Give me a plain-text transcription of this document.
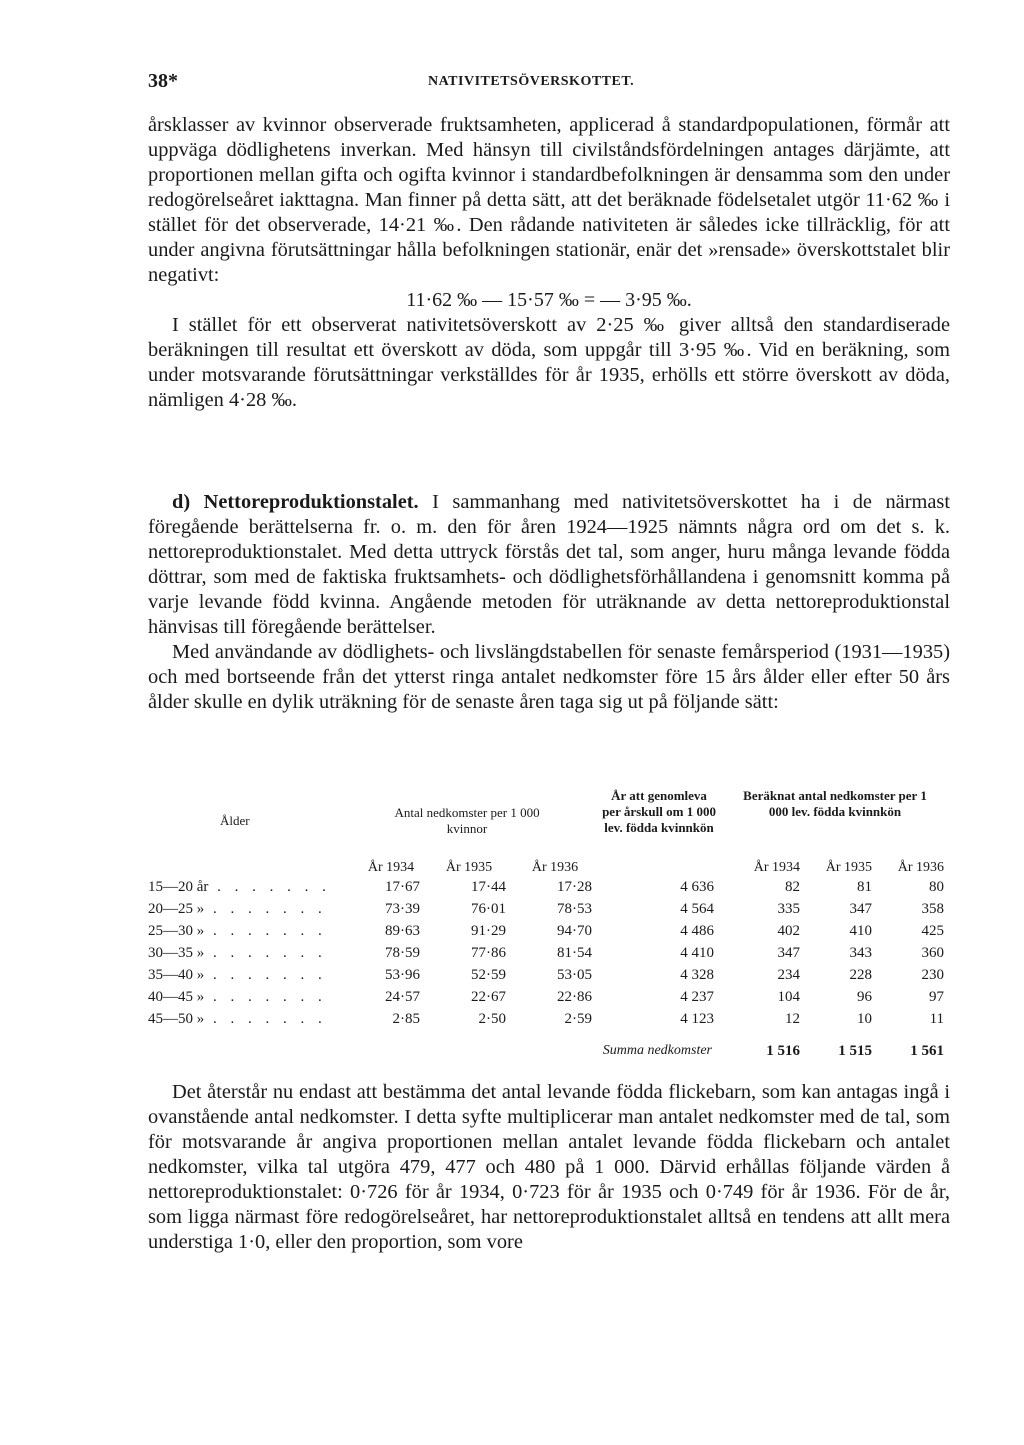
38*	NATIVITETSÖVERSKOTTET.

årsklasser av kvinnor observerade fruktsamheten, applicerad å standardpopulationen, förmår att uppväga dödlighetens inverkan. Med hänsyn till civilståndsfördelningen antages därjämte, att proportionen mellan gifta och ogifta kvinnor i standardbefolkningen är densamma som den under redogörelseåret iakttagna. Man finner på detta sätt, att det beräknade födelsetalet utgör 11·62 ‰ i stället för det observerade, 14·21 ‰. Den rådande nativiteten är således icke tillräcklig, för att under angivna förutsättningar hålla befolkningen stationär, enär det »rensade» överskottstalet blir negativt:

11·62 ‰ — 15·57 ‰ = — 3·95 ‰.

I stället för ett observerat nativitetsöverskott av 2·25 ‰ giver alltså den standardiserade beräkningen till resultat ett överskott av döda, som uppgår till 3·95 ‰. Vid en beräkning, som under motsvarande förutsättningar verkställdes för år 1935, erhölls ett större överskott av döda, nämligen 4·28 ‰.

d) Nettoreproduktionstalet. I sammanhang med nativitetsöverskottet ha i de närmast föregående berättelserna fr. o. m. den för åren 1924—1925 nämnts några ord om det s. k. nettoreproduktionstalet. Med detta uttryck förstås det tal, som anger, huru många levande födda döttrar, som med de faktiska fruktsamhets- och dödlighetsförhållandena i genomsnitt komma på varje levande född kvinna. Angående metoden för uträknande av detta nettoreproduktionstal hänvisas till föregående berättelser.

Med användande av dödlighets- och livslängdstabellen för senaste femårsperiod (1931—1935) och med bortseende från det ytterst ringa antalet nedkomster före 15 års ålder eller efter 50 års ålder skulle en dylik uträkning för de senaste åren taga sig ut på följande sätt:

Ålder	Antal nedkomster per 1 000 kvinnor			År att genomleva per årskull om 1 000 lev. födda kvinnkön	Beräknat antal nedkomster per 1 000 lev. födda kvinnkön		
	År 1934	År 1935	År 1936		År 1934	År 1935	År 1936
15—20 år . . . . . . .	17·67	17·44	17·28	4 636	82	81	80
20—25 » . . . . . . .	73·39	76·01	78·53	4 564	335	347	358
25—30 » . . . . . . .	89·63	91·29	94·70	4 486	402	410	425
30—35 » . . . . . . .	78·59	77·86	81·54	4 410	347	343	360
35—40 » . . . . . . .	53·96	52·59	53·05	4 328	234	228	230
40—45 » . . . . . . .	24·57	22·67	22·86	4 237	104	96	97
45—50 » . . . . . . .	2·85	2·50	2·59	4 123	12	10	11
Summa nedkomster					1 516	1 515	1 561

Det återstår nu endast att bestämma det antal levande födda flickebarn, som kan antagas ingå i ovanstående antal nedkomster. I detta syfte multiplicerar man antalet nedkomster med de tal, som för motsvarande år angiva proportionen mellan antalet levande födda flickebarn och antalet nedkomster, vilka tal utgöra 479, 477 och 480 på 1 000. Därvid erhållas följande värden å nettoreproduktionstalet: 0·726 för år 1934, 0·723 för år 1935 och 0·749 för år 1936. För de år, som ligga närmast före redogörelseåret, har nettoreproduktionstalet alltså en tendens att allt mera understiga 1·0, eller den proportion, som vore
